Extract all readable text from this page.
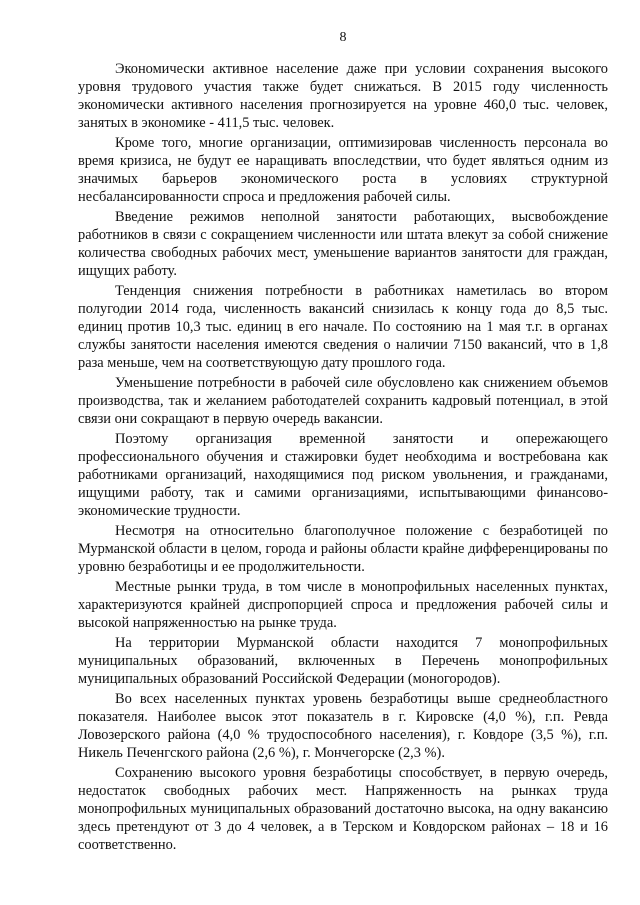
8

Экономически активное население даже при условии сохранения высокого уровня трудового участия также будет снижаться. В 2015 году численность экономически активного населения прогнозируется на уровне 460,0 тыс. человек, занятых в экономике - 411,5 тыс. человек.

Кроме того, многие организации, оптимизировав численность персонала во время кризиса, не будут ее наращивать впоследствии, что будет являться одним из значимых барьеров экономического роста в условиях структурной несбалансированности спроса и предложения рабочей силы.

Введение режимов неполной занятости работающих, высвобождение работников в связи с сокращением численности или штата влекут за собой снижение количества свободных рабочих мест, уменьшение вариантов занятости для граждан, ищущих работу.

Тенденция снижения потребности в работниках наметилась во втором полугодии 2014 года, численность вакансий снизилась к концу года до 8,5 тыс. единиц против 10,3 тыс. единиц в его начале. По состоянию на 1 мая т.г. в органах службы занятости населения имеются сведения о наличии 7150 вакансий, что в 1,8 раза меньше, чем на соответствующую дату прошлого года.

Уменьшение потребности в рабочей силе обусловлено как снижением объемов производства, так и желанием работодателей сохранить кадровый потенциал, в этой связи они сокращают в первую очередь вакансии.

Поэтому организация временной занятости и опережающего профессионального обучения и стажировки будет необходима и востребована как работниками организаций, находящимися под риском увольнения, и гражданами, ищущими работу, так и самими организациями, испытывающими финансово-экономические трудности.

Несмотря на относительно благополучное положение с безработицей по Мурманской области в целом, города и районы области крайне дифференцированы по уровню безработицы и ее продолжительности.

Местные рынки труда, в том числе в монопрофильных населенных пунктах, характеризуются крайней диспропорцией спроса и предложения рабочей силы и высокой напряженностью на рынке труда.

На территории Мурманской области находится 7 монопрофильных муниципальных образований, включенных в Перечень монопрофильных муниципальных образований Российской Федерации (моногородов).

Во всех населенных пунктах уровень безработицы выше среднеобластного показателя. Наиболее высок этот показатель в г. Кировске (4,0 %), г.п. Ревда Ловозерского района (4,0 % трудоспособного населения), г. Ковдоре (3,5 %), г.п. Никель Печенгского района (2,6 %), г. Мончегорске (2,3 %).

Сохранению высокого уровня безработицы способствует, в первую очередь, недостаток свободных рабочих мест. Напряженность на рынках труда монопрофильных муниципальных образований достаточно высока, на одну вакансию здесь претендуют от 3 до 4 человек, а в Терском и Ковдорском районах – 18 и 16 соответственно.
